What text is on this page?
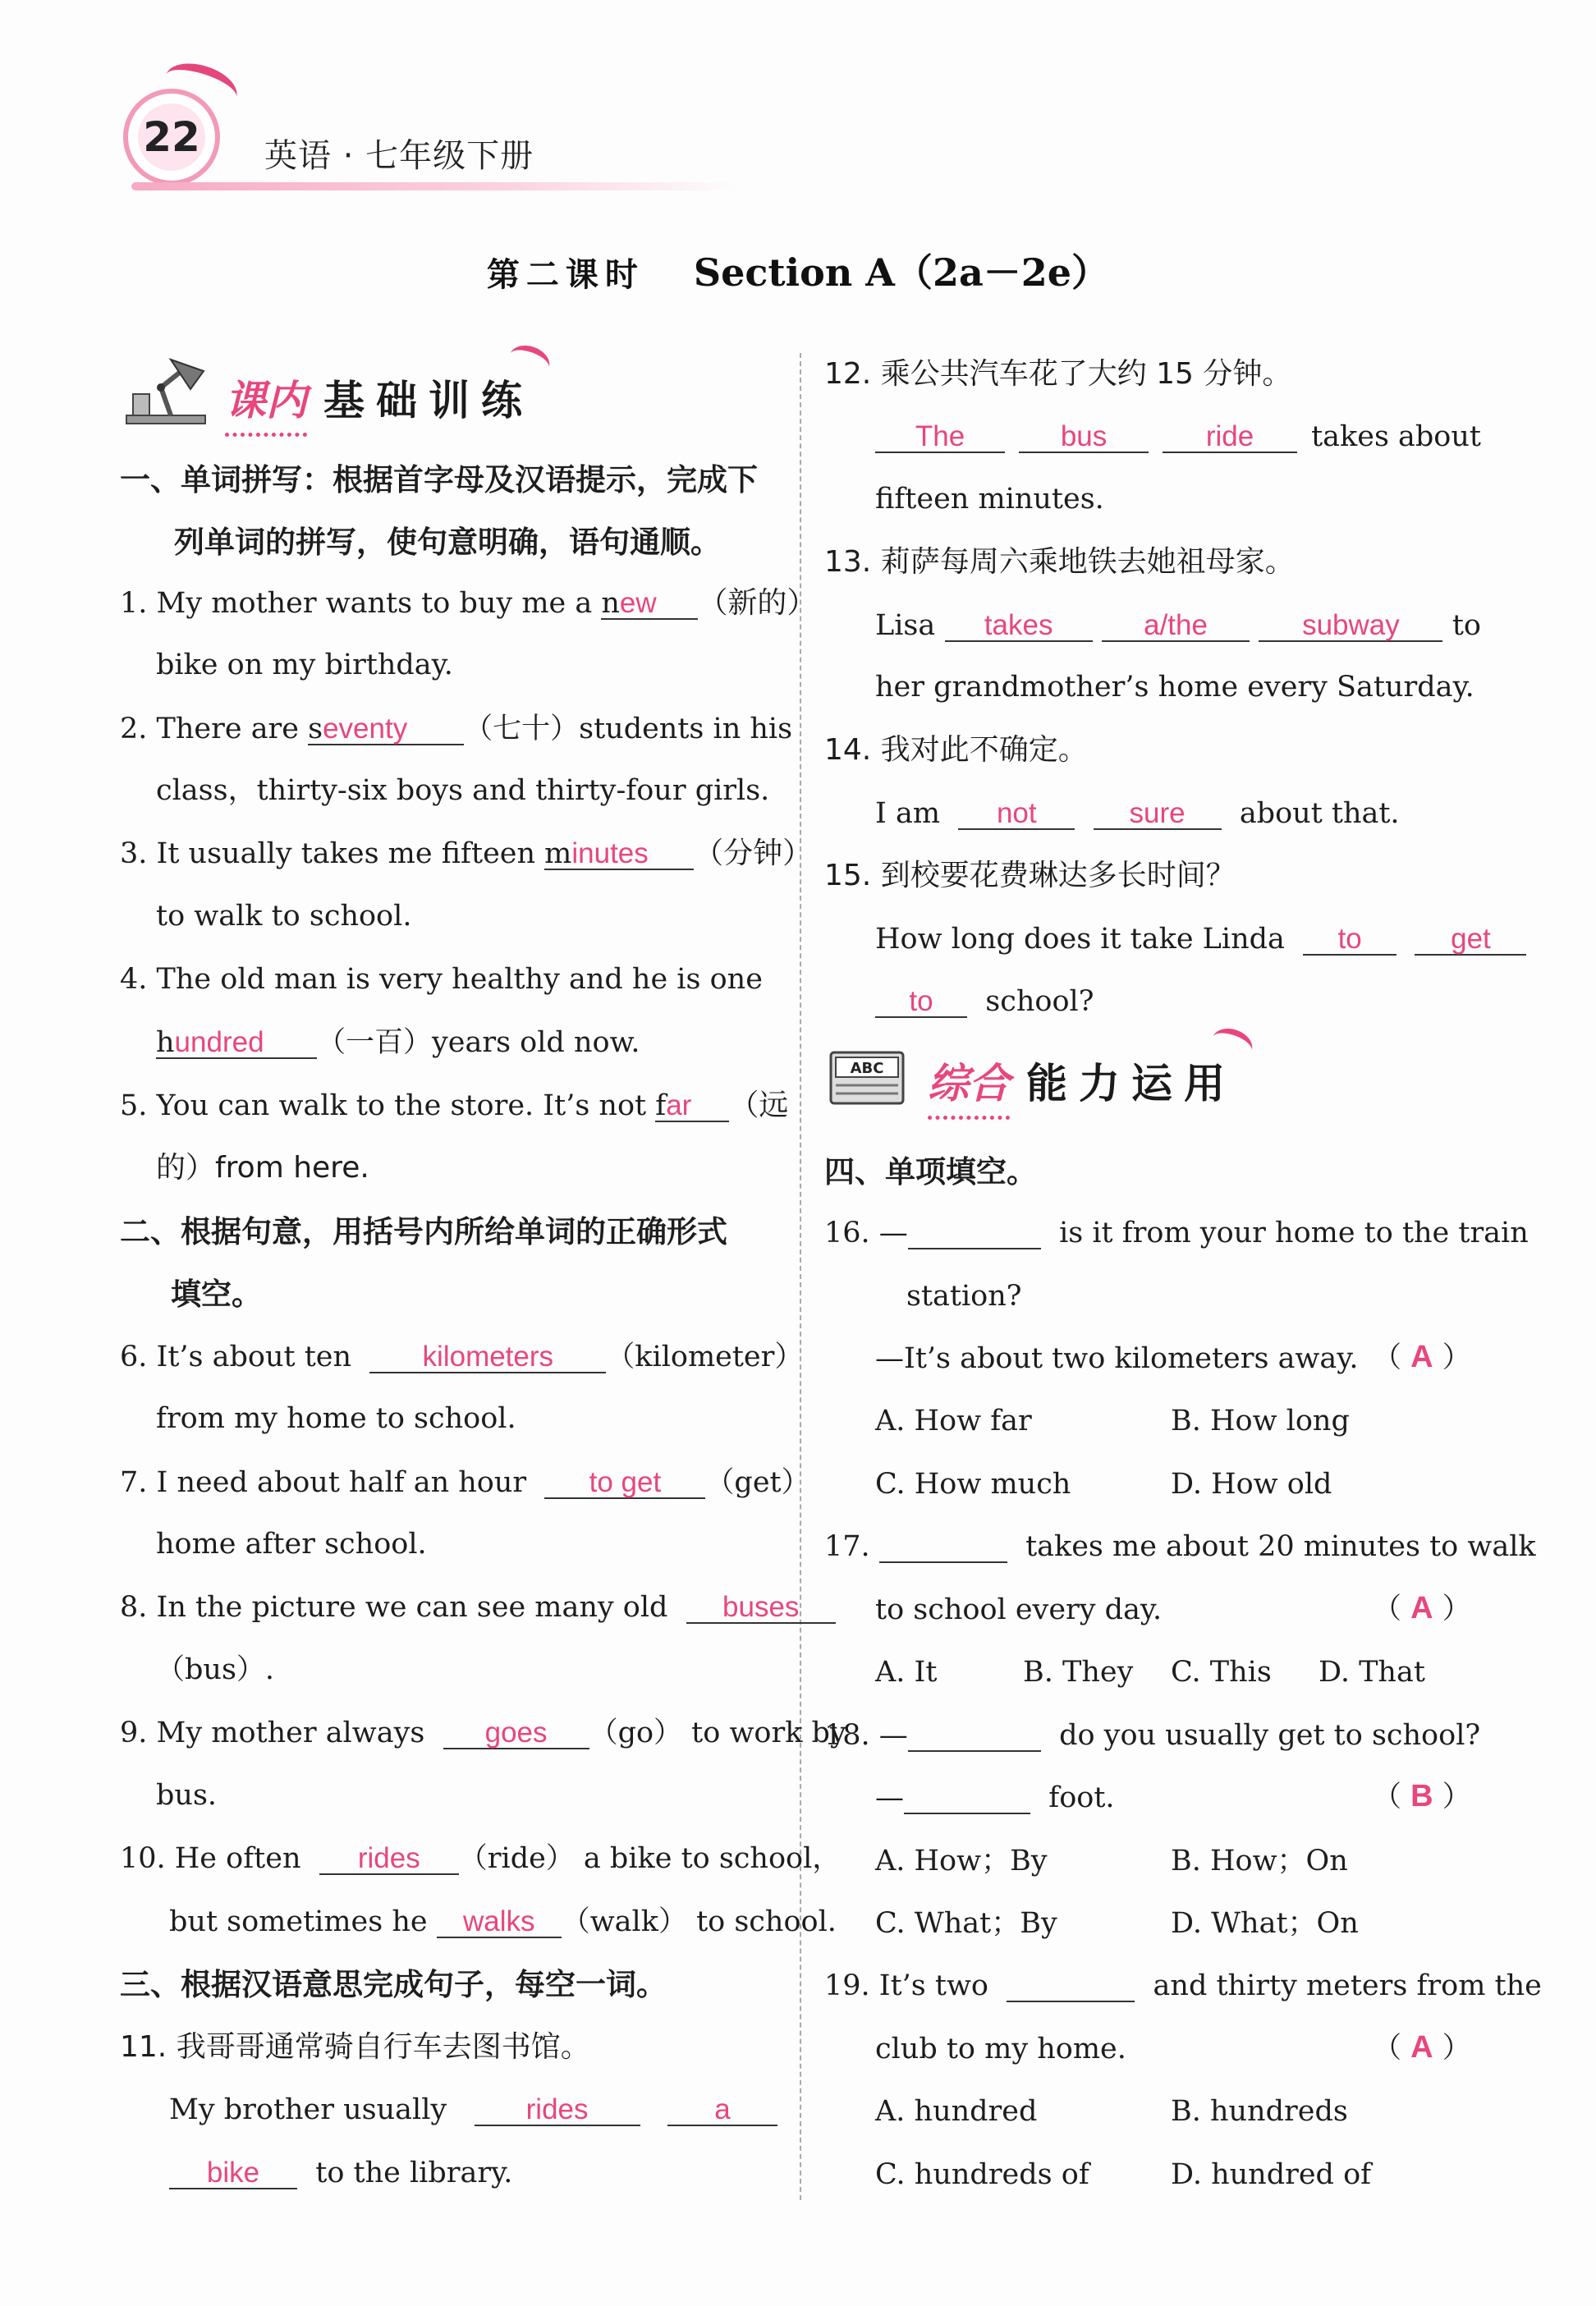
22 英语 · 七年级下册
第二课时 Section A（2a－2e）
课内 基础训练
一、单词拼写：根据首字母及汉语提示，完成下
列单词的拼写，使句意明确，语句通顺。
1. My mother wants to buy me a new （新的）
bike on my birthday.
2. There are seventy （七十）students in his
class，thirty-six boys and thirty-four girls.
3. It usually takes me fifteen minutes （分钟）
to walk to school.
4. The old man is very healthy and he is one
hundred （一百）years old now.
5. You can walk to the store. It’s not far （远
的）from here.
二、根据句意，用括号内所给单词的正确形式
填空。
6. It’s about ten kilometers （kilometer）
from my home to school.
7. I need about half an hour to get （get）
home after school.
8. In the picture we can see many old buses
（bus）.
9. My mother always goes （go） to work by
bus.
10. He often rides （ride） a bike to school，
but sometimes he walks （walk） to school.
三、根据汉语意思完成句子，每空一词。
11. 我哥哥通常骑自行车去图书馆。
My brother usually	rides	a
bike to the library.
12. 乘公共汽车花了大约 15 分钟。
The	bus	ride	takes about
fifteen minutes.
13. 莉萨每周六乘地铁去她祖母家。
Lisa	takes	a/the	subway	to
her grandmother’s home every Saturday.
14. 我对此不确定。
I am not	sure about that.
15. 到校要花费琳达多长时间？
How long does it take Linda to	get
to school?
ABC 综合 能力运用
四、单项填空。
16. —	is it from your home to the train
station?
—It’s about two kilometers away. （ A ）
A. How far	B. How long
C. How much	D. How old
17.	takes me about 20 minutes to walk
to school every day.	（ A ）
A. It	B. They C. This D. That
18. —	do you usually get to school?
—	foot.	（ B ）
A. How；By	B. How；On
C. What；By	D. What；On
19. It’s two	and thirty meters from the
club to my home.	（ A ）
A. hundred	B. hundreds
C. hundreds of	D. hundred of
